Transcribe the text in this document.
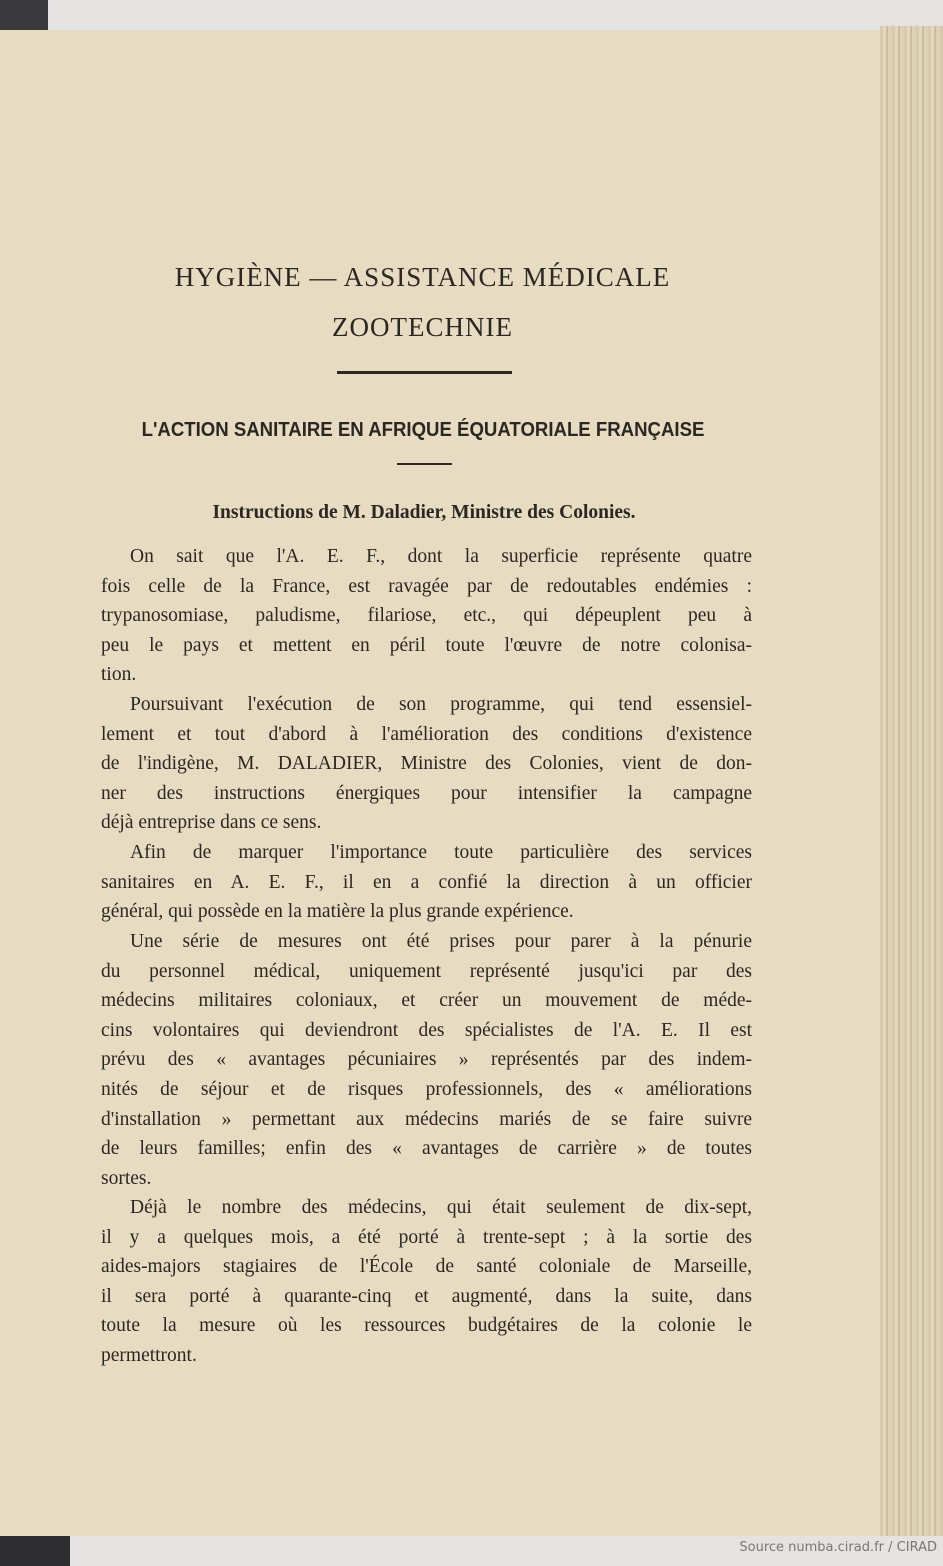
HYGIÈNE — ASSISTANCE MÉDICALE
ZOOTECHNIE
L'ACTION SANITAIRE EN AFRIQUE ÉQUATORIALE FRANÇAISE
Instructions de M. Daladier, Ministre des Colonies.
On sait que l'A. E. F., dont la superficie représente quatre
fois celle de la France, est ravagée par de redoutables endémies :
trypanosomiase, paludisme, filariose, etc., qui dépeuplent peu à
peu le pays et mettent en péril toute l'œuvre de notre colonisa-
tion.
Poursuivant l'exécution de son programme, qui tend essensiel-
lement et tout d'abord à l'amélioration des conditions d'existence
de l'indigène, M. DALADIER, Ministre des Colonies, vient de don-
ner des instructions énergiques pour intensifier la campagne
déjà entreprise dans ce sens.
Afin de marquer l'importance toute particulière des services
sanitaires en A. E. F., il en a confié la direction à un officier
général, qui possède en la matière la plus grande expérience.
Une série de mesures ont été prises pour parer à la pénurie
du personnel médical, uniquement représenté jusqu'ici par des
médecins militaires coloniaux, et créer un mouvement de méde-
cins volontaires qui deviendront des spécialistes de l'A. E. Il est
prévu des « avantages pécuniaires » représentés par des indem-
nités de séjour et de risques professionnels, des « améliorations
d'installation » permettant aux médecins mariés de se faire suivre
de leurs familles; enfin des « avantages de carrière » de toutes
sortes.
Déjà le nombre des médecins, qui était seulement de dix-sept,
il y a quelques mois, a été porté à trente-sept ; à la sortie des
aides-majors stagiaires de l'École de santé coloniale de Marseille,
il sera porté à quarante-cinq et augmenté, dans la suite, dans
toute la mesure où les ressources budgétaires de la colonie le
permettront.
Source numba.cirad.fr / CIRAD
